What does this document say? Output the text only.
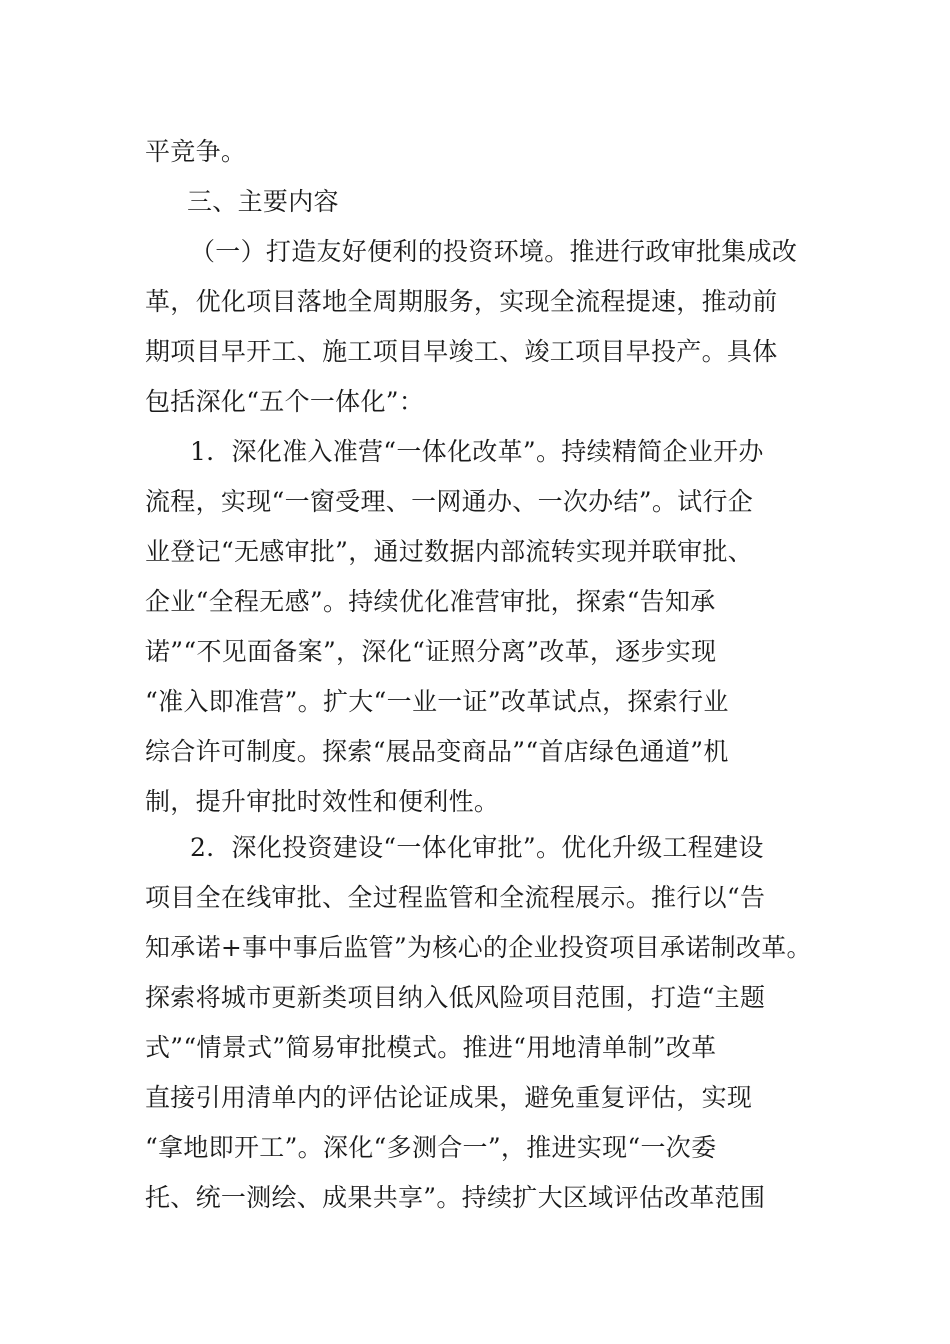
平竞争。
三、主要内容
（一）打造友好便利的投资环境。推进行政审批集成改
革，优化项目落地全周期服务，实现全流程提速，推动前
期项目早开工、施工项目早竣工、竣工项目早投产。具体
包括深化“五个一体化”：
1．深化准入准营“一体化改革”。持续精简企业开办
流程，实现“一窗受理、一网通办、一次办结”。试行企
业登记“无感审批”，通过数据内部流转实现并联审批、
企业“全程无感”。持续优化准营审批，探索“告知承
诺”“不见面备案”，深化“证照分离”改革，逐步实现
“准入即准营”。扩大“一业一证”改革试点，探索行业
综合许可制度。探索“展品变商品”“首店绿色通道”机
制，提升审批时效性和便利性。
2．深化投资建设“一体化审批”。优化升级工程建设
项目全在线审批、全过程监管和全流程展示。推行以“告
知承诺+事中事后监管”为核心的企业投资项目承诺制改革。
探索将城市更新类项目纳入低风险项目范围，打造“主题
式”“情景式”简易审批模式。推进“用地清单制”改革
直接引用清单内的评估论证成果，避免重复评估，实现
“拿地即开工”。深化“多测合一”，推进实现“一次委
托、统一测绘、成果共享”。持续扩大区域评估改革范围
